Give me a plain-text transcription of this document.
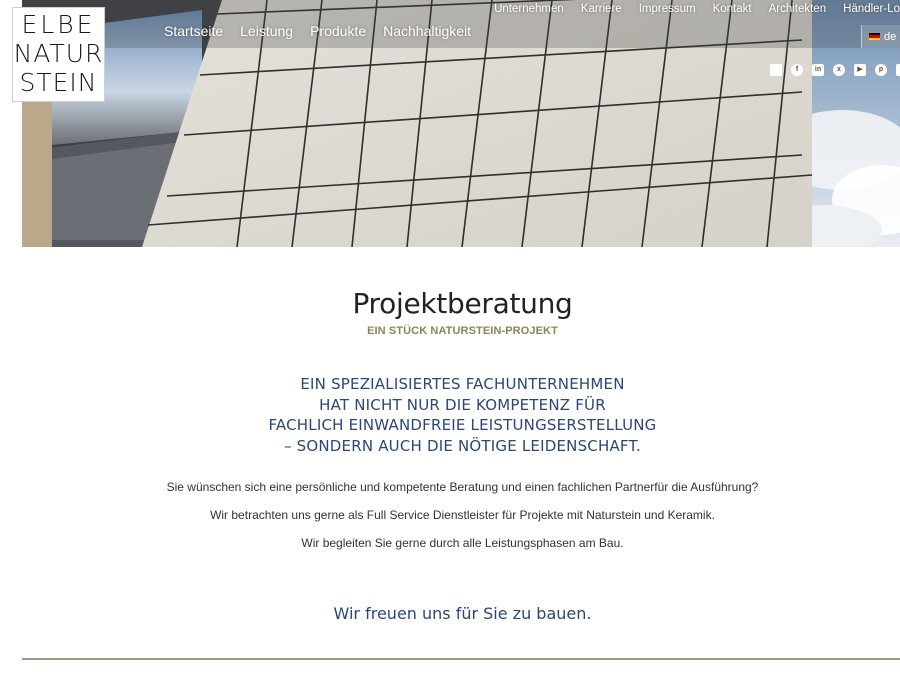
ELBE
NATUR
STEIN
Startseite Leistung Produkte Nachhaltigkeit
Unternehmen Karriere Impressum Kontakt Architekten Händler-Lo
de
f	in	x	▶	p
Projektberatung
EIN STÜCK NATURSTEIN-PROJEKT
EIN SPEZIALISIERTES FACHUNTERNEHMEN
HAT NICHT NUR DIE KOMPETENZ FÜR
FACHLICH EINWANDFREIE LEISTUNGSERSTELLUNG
– SONDERN AUCH DIE NÖTIGE LEIDENSCHAFT.

Sie wünschen sich eine persönliche und kompetente Beratung und einen fachlichen Partnerfür die Ausführung?

Wir betrachten uns gerne als Full Service Dienstleister für Projekte mit Naturstein und Keramik.

Wir begleiten Sie gerne durch alle Leistungsphasen am Bau.

Wir freuen uns für Sie zu bauen.
